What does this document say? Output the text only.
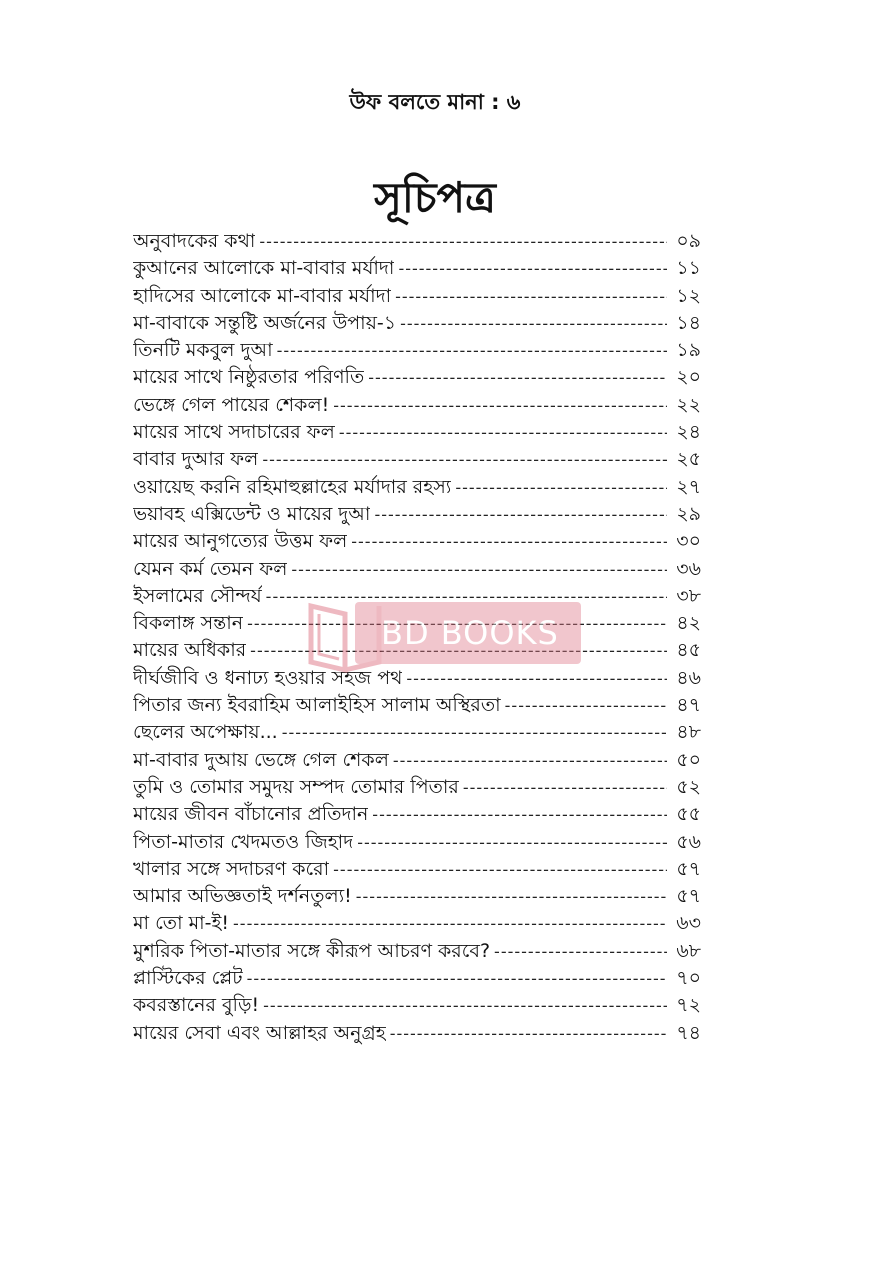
উফ বলতে মানা : ৬
সূচিপত্র
অনুবাদকের কথা -----	০৯
কুআনের আলোকে মা-বাবার মর্যাদা -----	১১
হাদিসের আলোকে মা-বাবার মর্যাদা -----	১২
মা-বাবাকে সন্তুষ্টি অর্জনের উপায়-১ -----	১৪
তিনটি মকবুল দুআ -----	১৯
মায়ের সাথে নিষ্ঠুরতার পরিণতি -----	২০
ভেঙ্গে গেল পায়ের শেকল! -----	২২
মায়ের সাথে সদাচারের ফল -----	২৪
বাবার দুআর ফল -----	২৫
ওয়ায়েছ করনি রহিমাহুল্লাহের মর্যাদার রহস্য -----	২৭
ভয়াবহ এক্সিডেন্ট ও মায়ের দুআ -----	২৯
মায়ের আনুগত্যের উত্তম ফল -----	৩০
যেমন কর্ম তেমন ফল -----	৩৬
ইসলামের সৌন্দর্য -----	৩৮
বিকলাঙ্গ সন্তান -----	৪২
মায়ের অধিকার -----	৪৫
দীর্ঘজীবি ও ধনাঢ্য হওয়ার সহজ পথ -----	৪৬
পিতার জন্য ইবরাহিম আলাইহিস সালাম অস্থিরতা -----	৪৭
ছেলের অপেক্ষায়... -----	৪৮
মা-বাবার দুআয় ভেঙ্গে গেল শেকল -----	৫০
তুমি ও তোমার সমুদয় সম্পদ তোমার পিতার -----	৫২
মায়ের জীবন বাঁচানোর প্রতিদান -----	৫৫
পিতা-মাতার খেদমতও জিহাদ -----	৫৬
খালার সঙ্গে সদাচরণ করো -----	৫৭
আমার অভিজ্ঞতাই দর্শনতুল্য! -----	৫৭
মা তো মা-ই! -----	৬৩
মুশরিক পিতা-মাতার সঙ্গে কীরূপ আচরণ করবে? -----	৬৮
প্লাস্টিকের প্লেট -----	৭০
কবরস্তানের বুড়ি! -----	৭২
মায়ের সেবা এবং আল্লাহর অনুগ্রহ -----	৭৪
BD BOOKS
